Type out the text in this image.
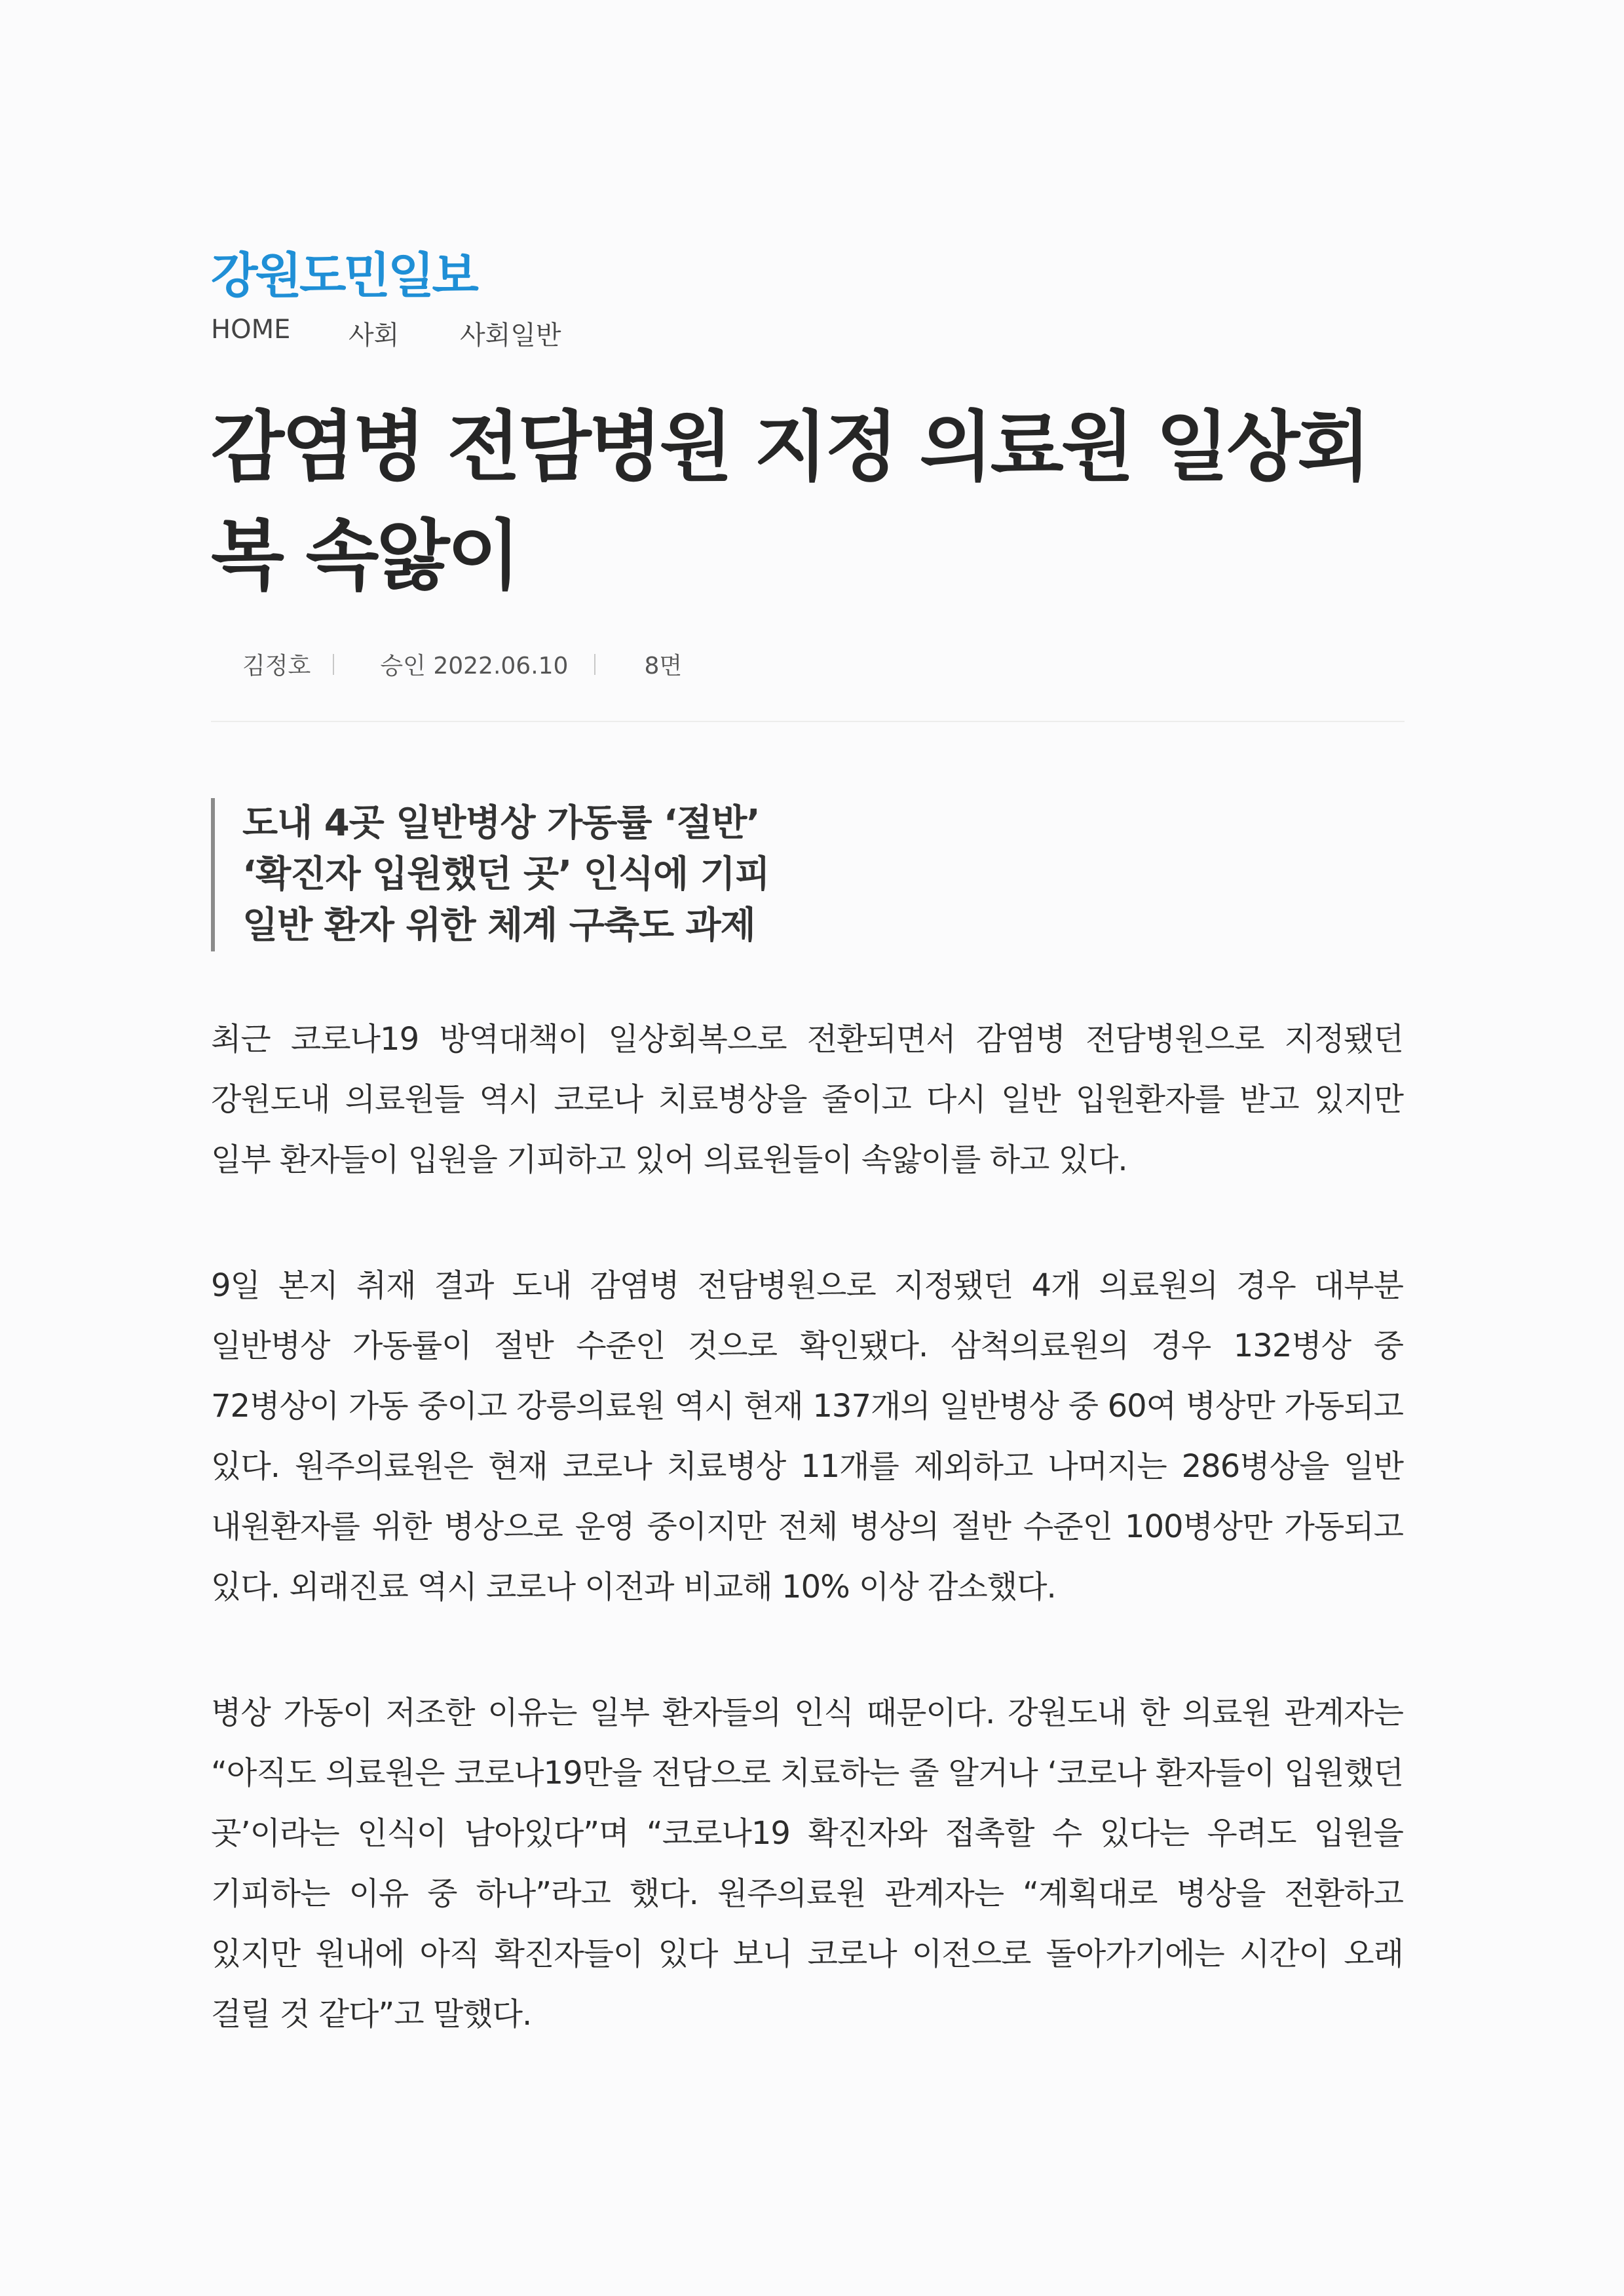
강원도민일보
HOME	사회	사회일반
감염병 전담병원 지정 의료원 일상회
복 속앓이
김정호	승인 2022.06.10	8면
도내 4곳 일반병상 가동률 ‘절반’
‘확진자 입원했던 곳’ 인식에 기피
일반 환자 위한 체계 구축도 과제

최근 코로나19 방역대책이 일상회복으로 전환되면서 감염병 전담병원으로 지정됐던 강원도내 의료원들 역시 코로나 치료병상을 줄이고 다시 일반 입원환자를 받고 있지만 일부 환자들이 입원을 기피하고 있어 의료원들이 속앓이를 하고 있다.

9일 본지 취재 결과 도내 감염병 전담병원으로 지정됐던 4개 의료원의 경우 대부분 일반병상 가동률이 절반 수준인 것으로 확인됐다. 삼척의료원의 경우 132병상 중 72병상이 가동 중이고 강릉의료원 역시 현재 137개의 일반병상 중 60여 병상만 가동되고 있다. 원주의료원은 현재 코로나 치료병상 11개를 제외하고 나머지는 286병상을 일반 내원환자를 위한 병상으로 운영 중이지만 전체 병상의 절반 수준인 100병상만 가동되고 있다. 외래진료 역시 코로나 이전과 비교해 10% 이상 감소했다.

병상 가동이 저조한 이유는 일부 환자들의 인식 때문이다. 강원도내 한 의료원 관계자는 “아직도 의료원은 코로나19만을 전담으로 치료하는 줄 알거나 ‘코로나 환자들이 입원했던 곳’이라는 인식이 남아있다”며 “코로나19 확진자와 접촉할 수 있다는 우려도 입원을 기피하는 이유 중 하나”라고 했다. 원주의료원 관계자는 “계획대로 병상을 전환하고 있지만 원내에 아직 확진자들이 있다 보니 코로나 이전으로 돌아가기에는 시간이 오래 걸릴 것 같다”고 말했다.
